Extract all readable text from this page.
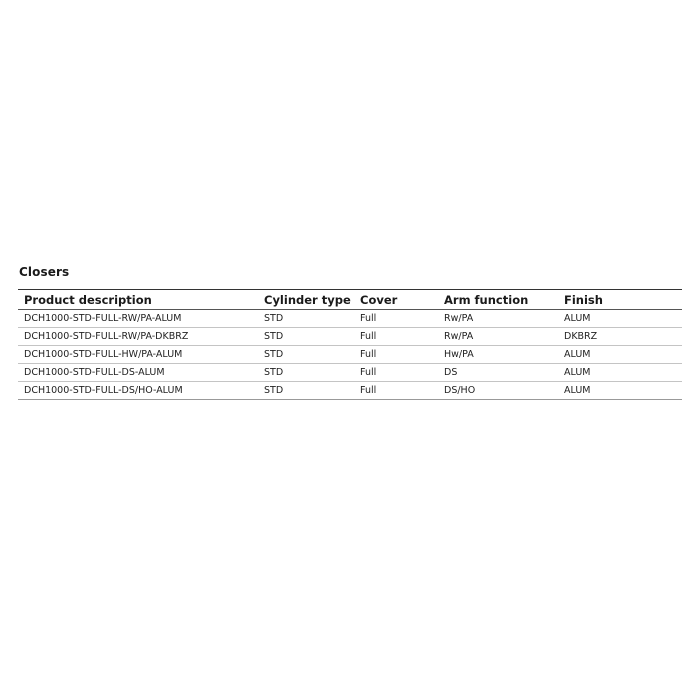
Closers
Product description	Cylinder type	Cover	Arm function	Finish
DCH1000-STD-FULL-RW/PA-ALUM	STD	Full	Rw/PA	ALUM
DCH1000-STD-FULL-RW/PA-DKBRZ	STD	Full	Rw/PA	DKBRZ
DCH1000-STD-FULL-HW/PA-ALUM	STD	Full	Hw/PA	ALUM
DCH1000-STD-FULL-DS-ALUM	STD	Full	DS	ALUM
DCH1000-STD-FULL-DS/HO-ALUM	STD	Full	DS/HO	ALUM
